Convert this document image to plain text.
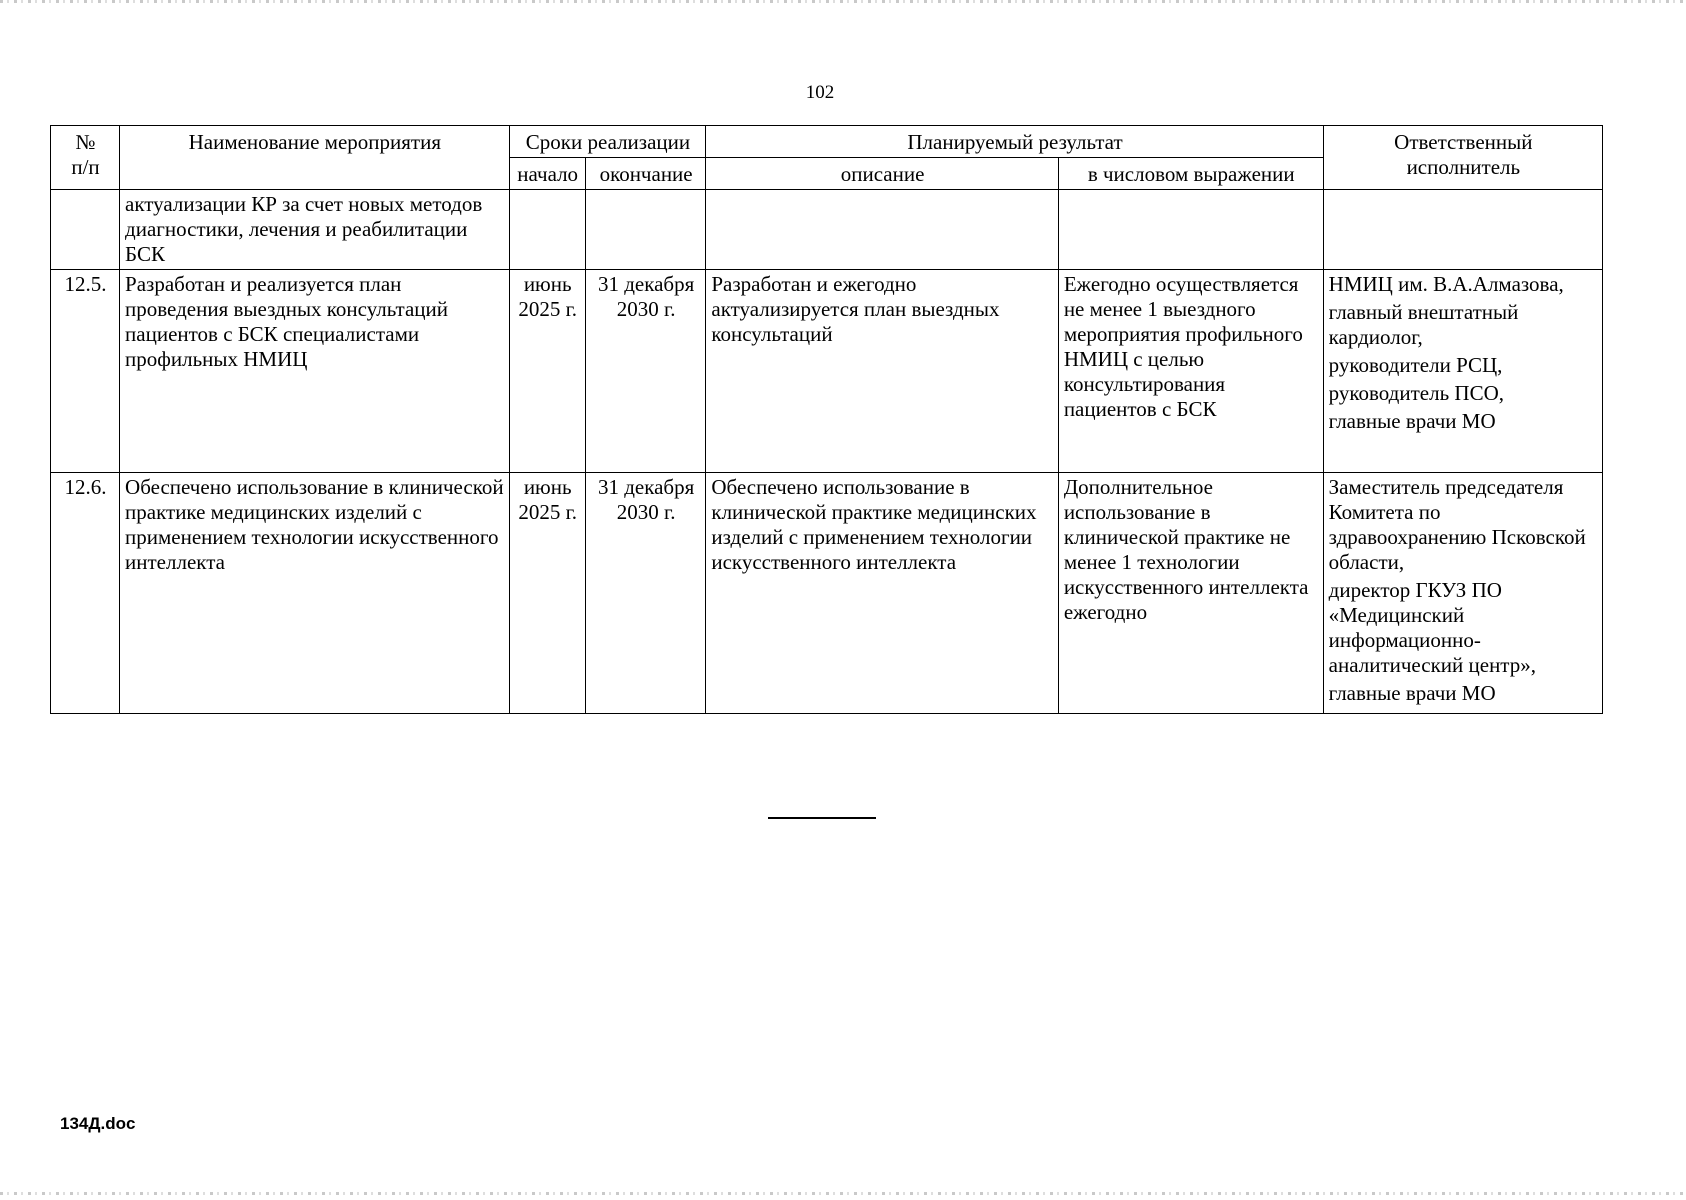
102
№
п/п	Наименование мероприятия	Сроки реализации		Планируемый результат		Ответственный
исполнитель
		начало	окончание	описание	в числовом выражении	
	актуализации КР за счет новых методов диагностики, лечения и реабилитации БСК					
12.5.	Разработан и реализуется план проведения выездных консультаций пациентов с БСК специалистами профильных НМИЦ	июнь 2025 г.	31 декабря 2030 г.	Разработан и ежегодно актуализируется план выездных консультаций	Ежегодно осуществляется не менее 1 выездного мероприятия профильного НМИЦ с целью консультирования пациентов с БСК	НМИЦ им. В.А.Алмазова,
главный внештатный кардиолог,
руководители РСЦ,
руководитель ПСО,
главные врачи МО

12.6.	Обеспечено использование в клинической практике медицинских изделий с применением технологии искусственного интеллекта	июнь 2025 г.	31 декабря 2030 г.	Обеспечено использование в клинической практике медицинских изделий с применением технологии искусственного интеллекта	Дополнительное использование в клинической практике не менее 1 технологии искусственного интеллекта ежегодно	Заместитель председателя Комитета по здравоохранению Псковской области,
директор ГКУЗ ПО «Медицинский информационно-аналитический центр»,
главные врачи МО
134Д.doc
